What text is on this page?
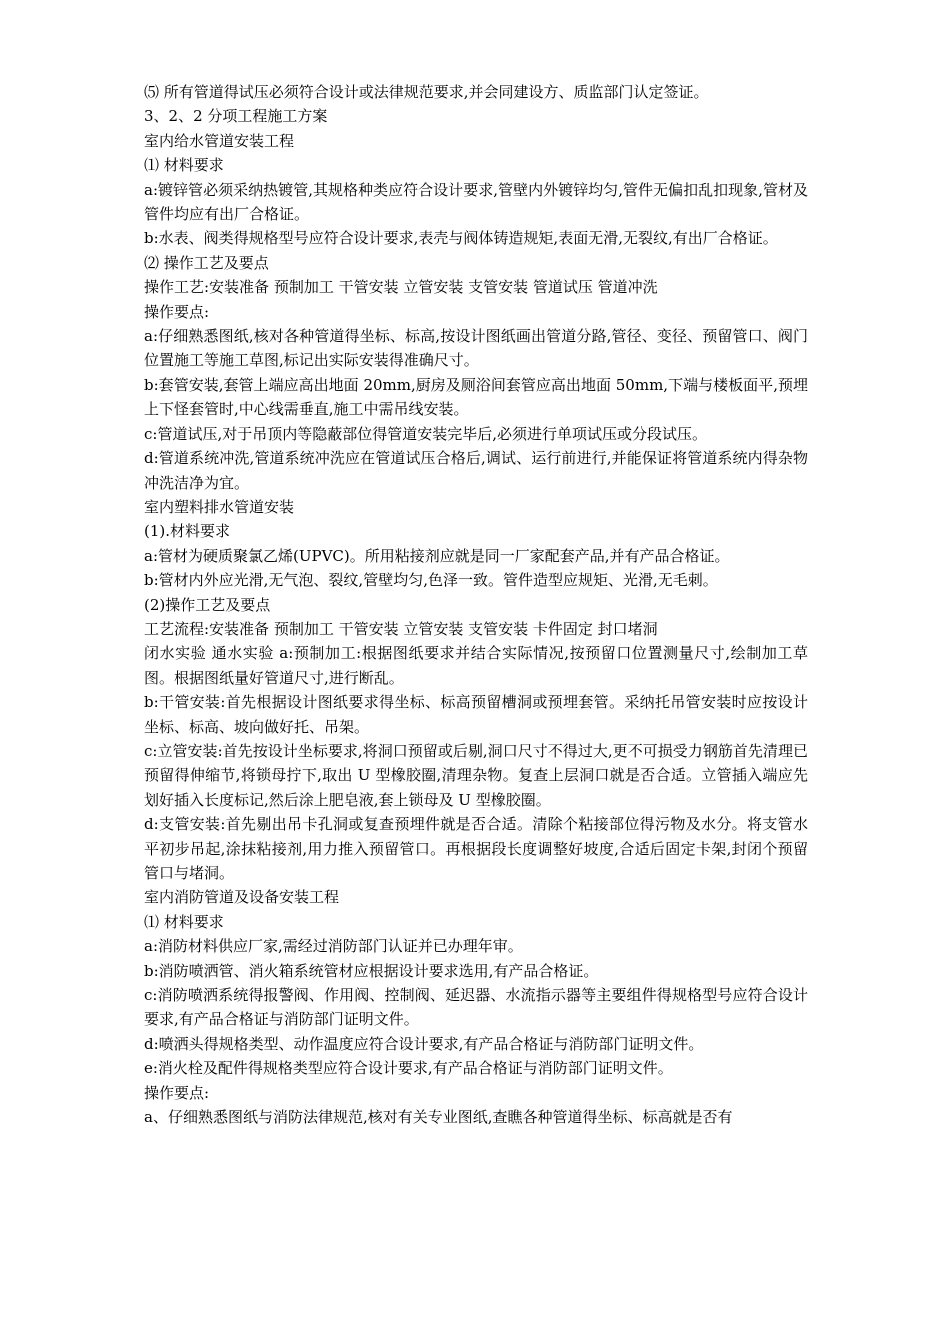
⑸ 所有管道得试压必须符合设计或法律规范要求,并会同建设方、质监部门认定签证。

3、2、2 分项工程施工方案

室内给水管道安装工程

⑴ 材料要求

a:镀锌管必须采纳热镀管,其规格种类应符合设计要求,管壁内外镀锌均匀,管件无偏扣乱扣现象,管材及管件均应有出厂合格证。

b:水表、阀类得规格型号应符合设计要求,表壳与阀体铸造规矩,表面无滑,无裂纹,有出厂合格证。

⑵ 操作工艺及要点

操作工艺:安装准备 预制加工 干管安装 立管安装 支管安装 管道试压 管道冲洗

操作要点:

a:仔细熟悉图纸,核对各种管道得坐标、标高,按设计图纸画出管道分路,管径、变径、预留管口、阀门位置施工等施工草图,标记出实际安装得准确尺寸。

b:套管安装,套管上端应高出地面 20mm,厨房及厕浴间套管应高出地面 50mm,下端与楼板面平,预埋上下怪套管时,中心线需垂直,施工中需吊线安装。

c:管道试压,对于吊顶内等隐蔽部位得管道安装完毕后,必须进行单项试压或分段试压。

d:管道系统冲洗,管道系统冲洗应在管道试压合格后,调试、运行前进行,并能保证将管道系统内得杂物冲洗洁净为宜。

室内塑料排水管道安装

(1).材料要求

a:管材为硬质聚氯乙烯(UPVC)。所用粘接剂应就是同一厂家配套产品,并有产品合格证。

b:管材内外应光滑,无气泡、裂纹,管壁均匀,色泽一致。管件造型应规矩、光滑,无毛刺。

(2)操作工艺及要点

工艺流程:安装准备 预制加工 干管安装 立管安装 支管安装 卡件固定 封口堵洞

闭水实验 通水实验 a:预制加工:根据图纸要求并结合实际情况,按预留口位置测量尺寸,绘制加工草图。根据图纸量好管道尺寸,进行断乱。

b:干管安装:首先根据设计图纸要求得坐标、标高预留槽洞或预埋套管。采纳托吊管安装时应按设计坐标、标高、坡向做好托、吊架。

c:立管安装:首先按设计坐标要求,将洞口预留或后剔,洞口尺寸不得过大,更不可损受力钢筋首先清理已预留得伸缩节,将锁母拧下,取出 U 型橡胶圈,清理杂物。复查上层洞口就是否合适。立管插入端应先划好插入长度标记,然后涂上肥皂液,套上锁母及 U 型橡胶圈。

d:支管安装:首先剔出吊卡孔洞或复查预埋件就是否合适。清除个粘接部位得污物及水分。将支管水平初步吊起,涂抹粘接剂,用力推入预留管口。再根据段长度调整好坡度,合适后固定卡架,封闭个预留管口与堵洞。

室内消防管道及设备安装工程

⑴ 材料要求

a:消防材料供应厂家,需经过消防部门认证并已办理年审。

b:消防喷洒管、消火箱系统管材应根据设计要求选用,有产品合格证。

c:消防喷洒系统得报警阀、作用阀、控制阀、延迟器、水流指示器等主要组件得规格型号应符合设计要求,有产品合格证与消防部门证明文件。

d:喷洒头得规格类型、动作温度应符合设计要求,有产品合格证与消防部门证明文件。

e:消火栓及配件得规格类型应符合设计要求,有产品合格证与消防部门证明文件。

操作要点:

a、仔细熟悉图纸与消防法律规范,核对有关专业图纸,查瞧各种管道得坐标、标高就是否有
